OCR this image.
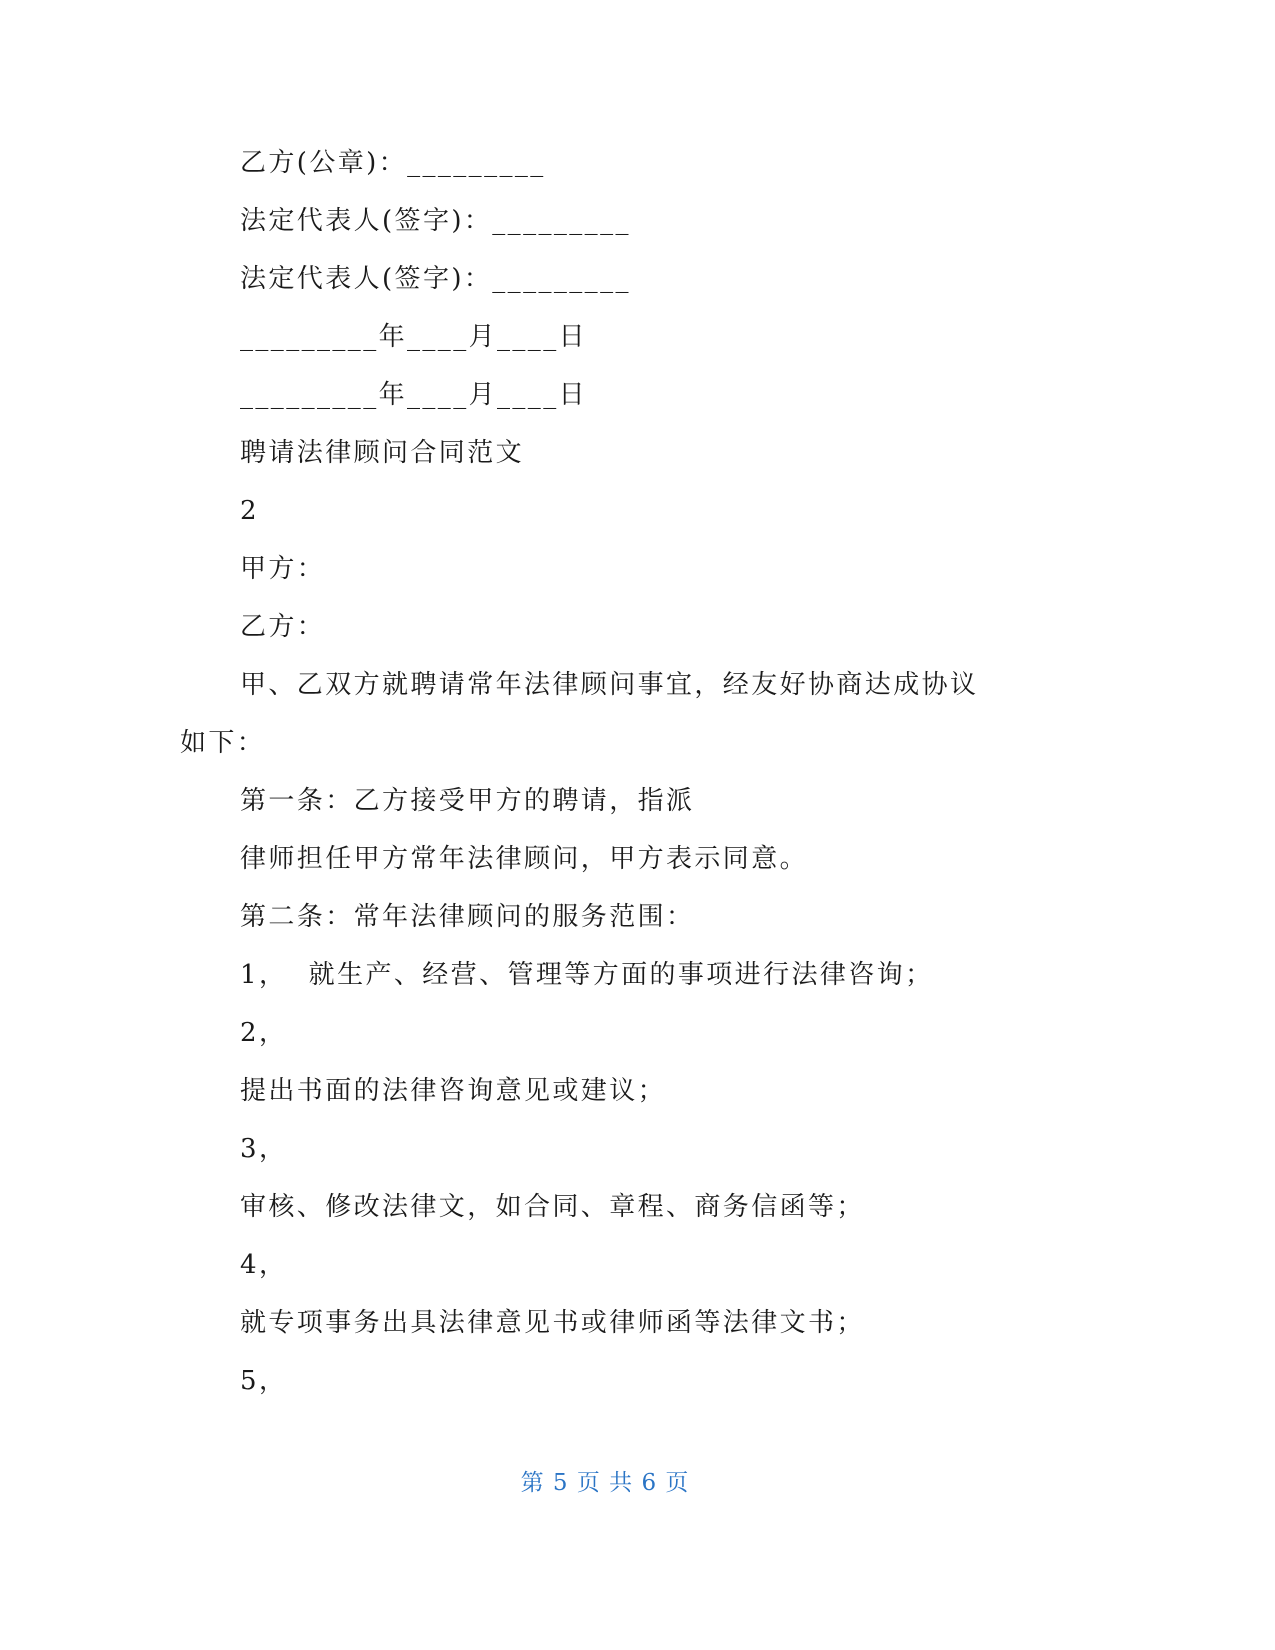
乙方(公章)：_________

法定代表人(签字)：_________

法定代表人(签字)：_________

_________年____月____日

_________年____月____日

聘请法律顾问合同范文

2

甲方：

乙方：

甲、乙双方就聘请常年法律顾问事宜，经友好协商达成协议

如下：

第一条：乙方接受甲方的聘请，指派

律师担任甲方常年法律顾问，甲方表示同意。

第二条：常年法律顾问的服务范围：

1，  就生产、经营、管理等方面的事项进行法律咨询；

2，

提出书面的法律咨询意见或建议；

3，

审核、修改法律文，如合同、章程、商务信函等；

4，

就专项事务出具法律意见书或律师函等法律文书；

5，

第 5 页 共 6 页
